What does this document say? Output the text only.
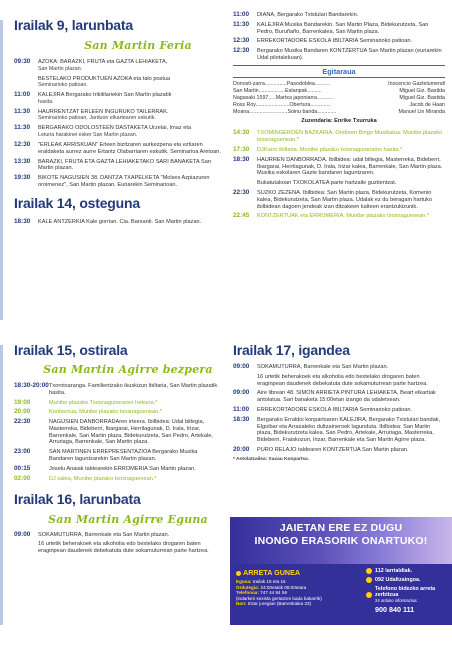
Irailak 9, larunbata
San Martin Feria
09:30	AZOKA: BARAZKI, FRUTA eta GAZTA LEHIAKETA,
San Martin plazan.
BESTELAKO PRODUKTUEN AZOKA eta talo postua
Seminarioko patioan.
11:00	KALEJIRA Bergarako trikitilariekin San Martin plazatik
hasita.
11:30	HAURRENTZAT ERLEEN INGURUKO TAILERRAK.
Seminarioko patioan, Jarduon elkartearen eskutik.
11:30	BERGARAKO ODOLOSTEEN DASTAKETA Urzelai, Imaz eta
Leturia harakinei esker San Martin plazan.
12:30	"ERLEAK ARRISKUAN" Erleen bizitzaren aurkezpena eta eztiaren eraldaketa aurrez aurre Ertantz Olabarriaren eskutik. Seminarioa Aretoan.
13:30	BARAZKI, FRUTA ETA GAZTA LEHIAKETAKO SARI BANAKETA San Martin plazan.
19:30	BIKOTE NAGUSIEN 38. DANTZA TXAPELKETA "Molses Azpiazuren oroimenez", San Martin plazan. Euriarekin Seminarioan.
Irailak 14, osteguna
18:30	KALE ANTZERKIA Kale gorrian. Cia. Barsanti. San Martin plazan.
11:00	DIANA, Bergarako Txistulari Bandarekin.
11:30	KALEJIRA Musika Bandarekin. San Martin Plaza, Bidekurutzeta, San Pedro, Buruñaño, Barrenkalea, San Martin plaza.
12:30	ERREKORTADORE ESKOLA IBILTARIA Seminarioko patioan.
12:30	Bergarako Musika Bandaren KONTZERTUA San Martin plazan (euriarekin Udal pilotalekuan).
Egitaraua
Donosti-zarra...............Pasodoblea..........	Inocencio Gaztelumendi
San Martin..................Estanpak..........	Miguel Giz. Bastida
Nagasaki 1597.....Martxa japoniarra...........	Miguel Giz. Bastida
Ross Roy.......................Obertura..............	Jacob de Haan
Moana..........................Soinu banda.............	Manuel Lin Miranda
Zuzendaria: Enrike Txurruka
14:30	TXOMINGEROEN BAZKARIA. Ondoren Bingo Musikatua. Munibe plazako txosnaguenean.*
17:30	DJKarro ibiltaria. Munibe plazako txosnaguneraino hasita.*
18:30	HAURREN DANBORRADA. Ibilbidea: udal biltegia, Masterreka, Bideberri, Ibargarai, Herrilagunak, D. Irala, Irizar kalea, Barrenkale, San Martin plaza. Musika eskolaren Gazte bandaren laguntzaren.
Bukatutakoan TXOKOLATEA parte hartzaile guztientzat.
22:30	SUZKO ZEZENA. Ibilbidea: San Martin plaza, Bidekurutzeta, Komenio kalea, Bidekurutzeta, San Martin plaza. Udalak ez du beragain hartuko ibilbidean dagoen jendeak izan ditzakeen kalteen erantzukizunik.
22:45	KONTZERTUAK eta ERROMERIA. Munibe plazako txosnaguenean.*
Irailak 15, ostirala
San Martin Agirre bezpera
18:30-20:00 Txorotxaranga. Familientzako ikuskizun ibiltaria, San Martin plazatik hasita.
19:00	Munibe plazako Txosnaguneraren Irekiera.*
20:00	Kontzertua, Munibe plazako txosnaguenean.*
22:30	NAGUSIEN DANBORRADAren irteera. Ibilbidea: Udal biltegia, Masterreka, Bideberri, Ibargarai, Herrilagunak, D. Irala, Irizar, Barrenkale, San Martin plaza, Bidekurutzeta, San Pedro, Artekale, Arruriaga, Barrenkale, San Martin plaza.
23:00	SAN MARTINEN ERREPRESENTAZIOA Bergarako Musika Bandaren laguntzarekin San Martin plazan.
00:15	Joselu Anaiak taldearekin ERROMERIA San Martin plazan.
02:00	DJ salea, Munibe plazako txosnaguenean.*
Irailak 16, larunbata
San Martin Agirre Eguna
09:00	SOKAMUTURRA, Barrenkale eta San Martin plazan.
16 urtetik beherakoek eta alkoholia edo bestelako drogaren baten eraginpean daudenek debekatuta dute sokamuturrean parte hartzea.
Irailak 17, igandea
09:00	SOKAMUTURRA, Barrenkale eta San Martin plazan.
16 urtetik beherakoek eta alkoholia edo bestelako drogaren baten eraginpean daudenek debekatuta dute sokamuturrean parte hartzea.
09:00	Aire librean 48. SIMON ARRIETA PINTURA LEHIAKETA, Beart elkartiak antolatua. Sari banaketa 15:00etan izango da udaletxean.
11:00	ERREKORTADORE ESKOLA IBILTARIA Seminarioko patioan.
18:30	Bergarako Erraldoi konpartsaren KALEJIRA, Bergarako Txistulari bandak, Elgoibar eta Arrasateko dultzaineroek lagunduta. Ibilbidea: San Martin plaza, Bidekurutzeta kalea, San Pedro, Artekale, Arruriaga, Masterreka, Bideberri, Fraiskozuri, Irizar, Barrenkale eta San Martin Agirre plaza.
20:00	PURO RELAJO taldearen KONTZERTUA San Martin plazan.
* Antolatzailea: Xaxau Konpartsa.
JAIETAN ERE EZ DUGU
INONGO ERASORIK ONARTUKO!
ARRETA GUNEA
Eguna: Irailak 15 eta 16
Ordutegia: 24:00etatik 05:00etara
Telefonoa: 747 44 84 56
(indarkeri sexista gertatzen bada bakarrik)
Non: Irizar juregian (Barrenkalea 33)
112 larrialdiak.
092 Udaltzaingoa.
Telefono bidezko arreta zerbitzua
24 orduko informazioa:
900 840 111
